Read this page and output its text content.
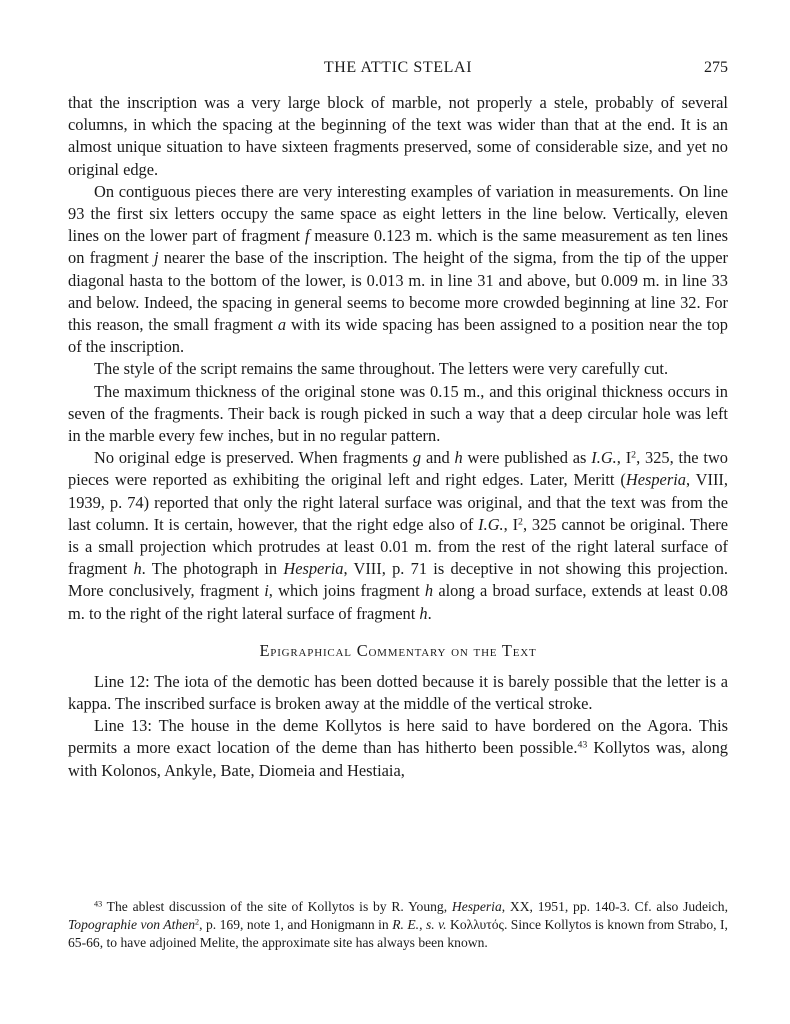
THE ATTIC STELAI	275

that the inscription was a very large block of marble, not properly a stele, probably of several columns, in which the spacing at the beginning of the text was wider than that at the end. It is an almost unique situation to have sixteen fragments preserved, some of considerable size, and yet no original edge.

On contiguous pieces there are very interesting examples of variation in measurements. On line 93 the first six letters occupy the same space as eight letters in the line below. Vertically, eleven lines on the lower part of fragment f measure 0.123 m. which is the same measurement as ten lines on fragment j nearer the base of the inscription. The height of the sigma, from the tip of the upper diagonal hasta to the bottom of the lower, is 0.013 m. in line 31 and above, but 0.009 m. in line 33 and below. Indeed, the spacing in general seems to become more crowded beginning at line 32. For this reason, the small fragment a with its wide spacing has been assigned to a position near the top of the inscription.

The style of the script remains the same throughout. The letters were very carefully cut.

The maximum thickness of the original stone was 0.15 m., and this original thickness occurs in seven of the fragments. Their back is rough picked in such a way that a deep circular hole was left in the marble every few inches, but in no regular pattern.

No original edge is preserved. When fragments g and h were published as I.G., $I^2$, 325, the two pieces were reported as exhibiting the original left and right edges. Later, Meritt (Hesperia, VIII, 1939, p. 74) reported that only the right lateral surface was original, and that the text was from the last column. It is certain, however, that the right edge also of I.G., $I^2$, 325 cannot be original. There is a small projection which protrudes at least 0.01 m. from the rest of the right lateral surface of fragment h. The photograph in Hesperia, VIII, p. 71 is deceptive in not showing this projection. More conclusively, fragment i, which joins fragment h along a broad surface, extends at least 0.08 m. to the right of the right lateral surface of fragment h.

Epigraphical Commentary on the Text

Line 12: The iota of the demotic has been dotted because it is barely possible that the letter is a kappa. The inscribed surface is broken away at the middle of the vertical stroke.

Line 13: The house in the deme Kollytos is here said to have bordered on the Agora. This permits a more exact location of the deme than has hitherto been possible.$^{43}$ Kollytos was, along with Kolonos, Ankyle, Bate, Diomeia and Hestiaia,

$^{43}$ The ablest discussion of the site of Kollytos is by R. Young, Hesperia, XX, 1951, pp. 140-3. Cf. also Judeich, Topographie von Athen$^2$, p. 169, note 1, and Honigmann in R. E., s. v. Κολλυτός. Since Kollytos is known from Strabo, I, 65-66, to have adjoined Melite, the approximate site has always been known.
